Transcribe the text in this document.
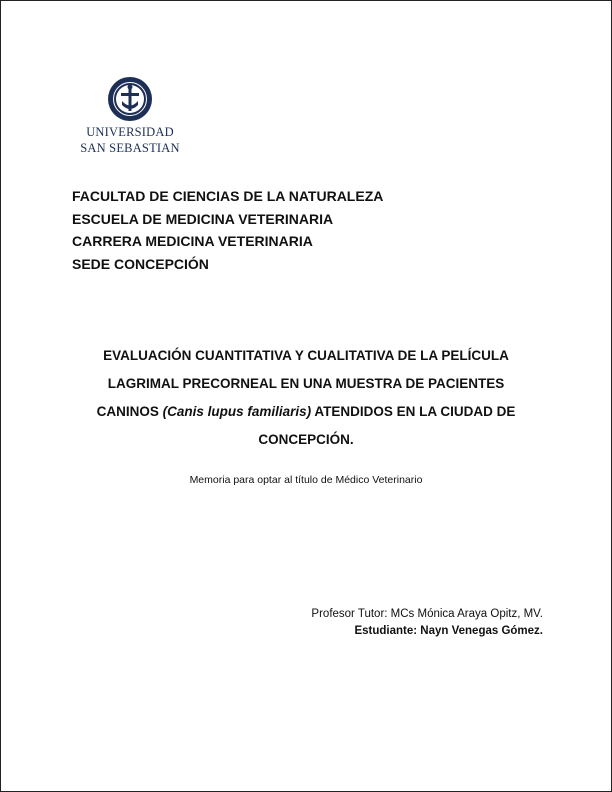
UNIVERSIDAD
SAN SEBASTIAN
FACULTAD DE CIENCIAS DE LA NATURALEZA
ESCUELA DE MEDICINA VETERINARIA
CARRERA MEDICINA VETERINARIA
SEDE CONCEPCIÓN
EVALUACIÓN CUANTITATIVA Y CUALITATIVA DE LA PELÍCULA
LAGRIMAL PRECORNEAL EN UNA MUESTRA DE PACIENTES
CANINOS (Canis lupus familiaris) ATENDIDOS EN LA CIUDAD DE
CONCEPCIÓN.
Memoria para optar al título de Médico Veterinario
Profesor Tutor: MCs Mónica Araya Opitz, MV.
Estudiante: Nayn Venegas Gómez.
